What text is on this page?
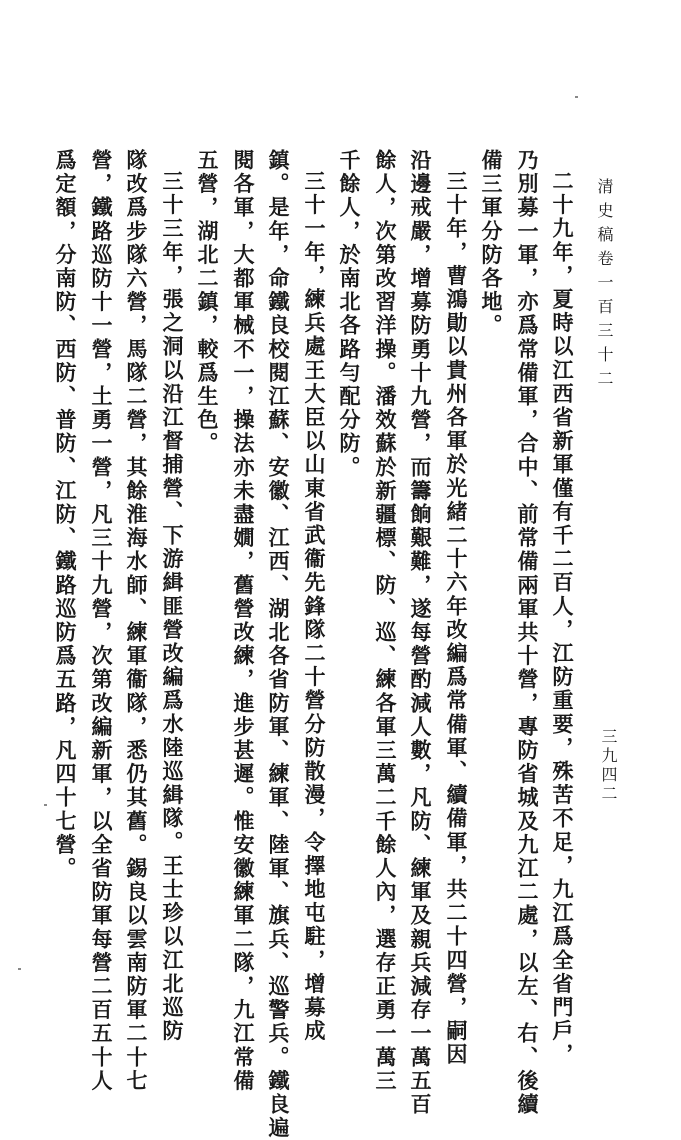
清史稿卷一百三十二
三九四二
二十九年，夏時以江西省新軍僅有千二百人，江防重要，殊苦不足，九江爲全省門戶，
乃別募一軍，亦爲常備軍，合中、前常備兩軍共十營，專防省城及九江二處，以左、右、後續
備三軍分防各地。
三十年，曹鴻勛以貴州各軍於光緒二十六年改編爲常備軍、續備軍，共二十四營，嗣因
沿邊戒嚴，增募防勇十九營，而籌餉艱難，遂每營酌減人數，凡防、練軍及親兵減存一萬五百
餘人，次第改習洋操。潘效蘇於新疆標、防、巡、練各軍三萬二千餘人內，選存正勇一萬三
千餘人，於南北各路勻配分防。
三十一年，練兵處王大臣以山東省武衞先鋒隊二十營分防散漫，令擇地屯駐，增募成
鎮。是年，命鐵良校閱江蘇、安徽、江西、湖北各省防軍、練軍、陸軍、旗兵、巡警兵。鐵良遍
閱各軍，大都軍械不一，操法亦未盡嫺，舊營改練，進步甚遲。惟安徽練軍二隊，九江常備
五營，湖北二鎮，較爲生色。
三十三年，張之洞以沿江督捕營、下游緝匪營改編爲水陸巡緝隊。王士珍以江北巡防
隊改爲步隊六營，馬隊二營，其餘淮海水師、練軍衞隊，悉仍其舊。錫良以雲南防軍二十七
營，鐵路巡防十一營，土勇一營，凡三十九營，次第改編新軍，以全省防軍每營二百五十人
爲定額，分南防、西防、普防、江防、鐵路巡防爲五路，凡四十七營。
